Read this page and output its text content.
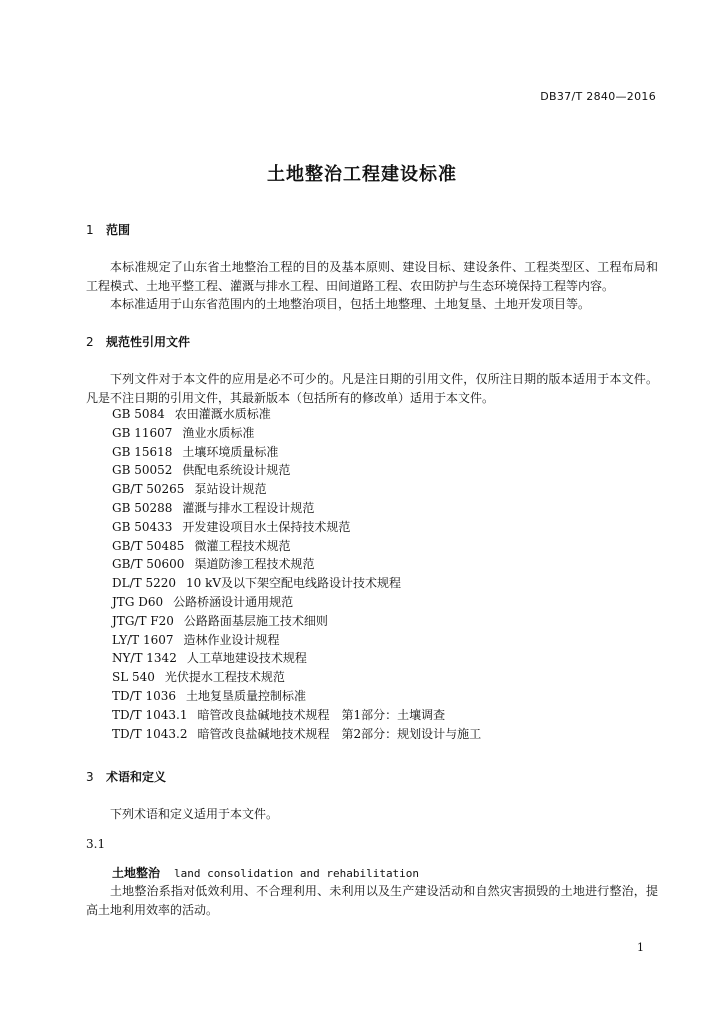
DB37/T 2840—2016
土地整治工程建设标准
1 范围
本标准规定了山东省土地整治工程的目的及基本原则、建设目标、建设条件、工程类型区、工程布局和工程模式、土地平整工程、灌溉与排水工程、田间道路工程、农田防护与生态环境保持工程等内容。
本标准适用于山东省范围内的土地整治项目，包括土地整理、土地复垦、土地开发项目等。
2 规范性引用文件
下列文件对于本文件的应用是必不可少的。凡是注日期的引用文件，仅所注日期的版本适用于本文件。凡是不注日期的引用文件，其最新版本（包括所有的修改单）适用于本文件。
GB 5084 农田灌溉水质标准
GB 11607 渔业水质标准
GB 15618 土壤环境质量标准
GB 50052 供配电系统设计规范
GB/T 50265 泵站设计规范
GB 50288 灌溉与排水工程设计规范
GB 50433 开发建设项目水土保持技术规范
GB/T 50485 微灌工程技术规范
GB/T 50600 渠道防渗工程技术规范
DL/T 5220 10 kV及以下架空配电线路设计技术规程
JTG D60 公路桥涵设计通用规范
JTG/T F20 公路路面基层施工技术细则
LY/T 1607 造林作业设计规程
NY/T 1342 人工草地建设技术规程
SL 540 光伏提水工程技术规范
TD/T 1036 土地复垦质量控制标准
TD/T 1043.1 暗管改良盐碱地技术规程　第1部分：土壤调查
TD/T 1043.2 暗管改良盐碱地技术规程　第2部分：规划设计与施工
3 术语和定义
下列术语和定义适用于本文件。
3.1
土地整治 land consolidation and rehabilitation
土地整治系指对低效利用、不合理利用、未利用以及生产建设活动和自然灾害损毁的土地进行整治，提高土地利用效率的活动。
1
